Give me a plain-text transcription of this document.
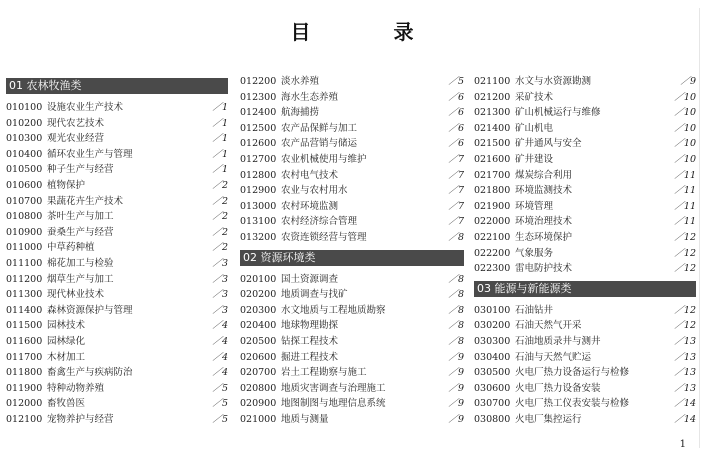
目 录
01 农林牧渔类
010100 设施农业生产技术	／1
010200 现代农艺技术	／1
010300 观光农业经营	／1
010400 循环农业生产与管理	／1
010500 种子生产与经营	／1
010600 植物保护	／2
010700 果蔬花卉生产技术	／2
010800 茶叶生产与加工	／2
010900 蚕桑生产与经营	／2
011000 中草药种植	／2
011100 棉花加工与检验	／3
011200 烟草生产与加工	／3
011300 现代林业技术	／3
011400 森林资源保护与管理	／3
011500 园林技术	／4
011600 园林绿化	／4
011700 木材加工	／4
011800 畜禽生产与疾病防治	／4
011900 特种动物养殖	／5
012000 畜牧兽医	／5
012100 宠物养护与经营	／5
012200 淡水养殖	／5
012300 海水生态养殖	／6
012400 航海捕捞	／6
012500 农产品保鲜与加工	／6
012600 农产品营销与储运	／6
012700 农业机械使用与维护	／7
012800 农村电气技术	／7
012900 农业与农村用水	／7
013000 农村环境监测	／7
013100 农村经济综合管理	／7
013200 农资连锁经营与管理	／8
02 资源环境类
020100 国土资源调查	／8
020200 地质调查与找矿	／8
020300 水文地质与工程地质勘察	／8
020400 地球物理勘探	／8
020500 钻探工程技术	／8
020600 掘进工程技术	／9
020700 岩土工程勘察与施工	／9
020800 地质灾害调查与治理施工	／9
020900 地图制图与地理信息系统	／9
021000 地质与测量	／9
021100 水文与水资源勘测	／9
021200 采矿技术	／10
021300 矿山机械运行与维修	／10
021400 矿山机电	／10
021500 矿井通风与安全	／10
021600 矿井建设	／10
021700 煤炭综合利用	／11
021800 环境监测技术	／11
021900 环境管理	／11
022000 环境治理技术	／11
022100 生态环境保护	／12
022200 气象服务	／12
022300 雷电防护技术	／12
03 能源与新能源类
030100 石油钻井	／12
030200 石油天然气开采	／12
030300 石油地质录井与测井	／13
030400 石油与天然气贮运	／13
030500 火电厂热力设备运行与检修	／13
030600 火电厂热力设备安装	／13
030700 火电厂热工仪表安装与检修	／14
030800 火电厂集控运行	／14
1
